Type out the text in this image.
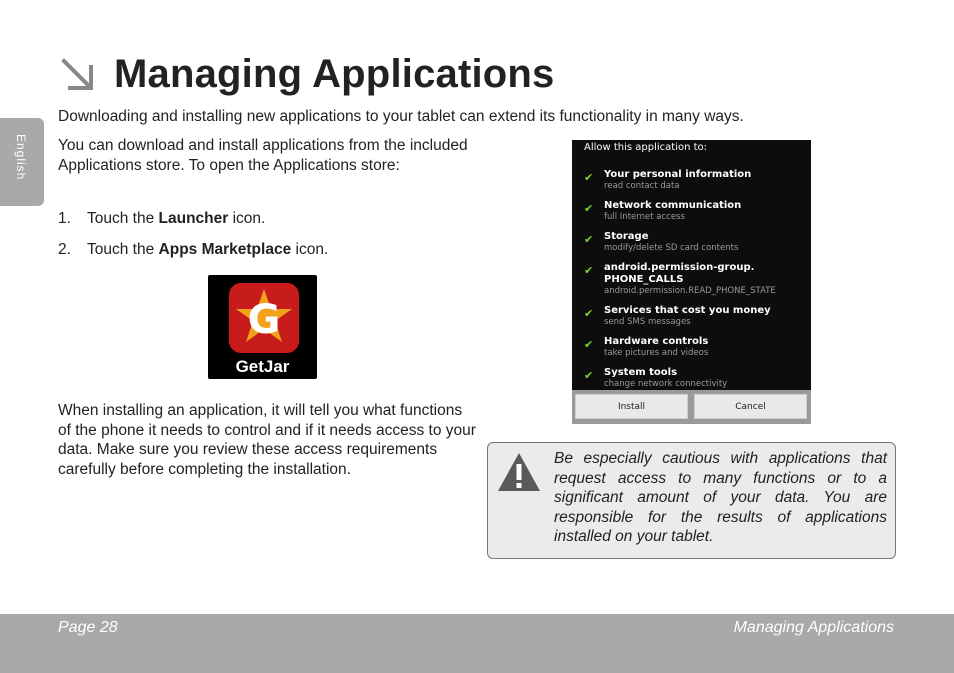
English
Managing Applications
Downloading and installing new applications to your tablet can extend its functionality in many ways.

You can download and install applications from the included Applications store. To open the Applications store:

1.	Touch the Launcher icon.
2.	Touch the Apps Marketplace icon.
G
GetJar
When installing an application, it will tell you what functions of the phone it needs to control and if it needs access to your data. Make sure you review these access requirements carefully before completing the installation.
Allow this application to:
✔ Your personal information
read contact data
✔ Network communication
full Internet access
✔ Storage
modify/delete SD card contents
✔ android.permission-group.
PHONE_CALLS
android.permission.READ_PHONE_STATE
✔ Services that cost you money
send SMS messages
✔ Hardware controls
take pictures and videos
✔ System tools
change network connectivity
Install	Cancel
Be especially cautious with applications that request access to many functions or to a significant amount of your data. You are responsible for the results of applications installed on your tablet.
Page 28	Managing Applications
